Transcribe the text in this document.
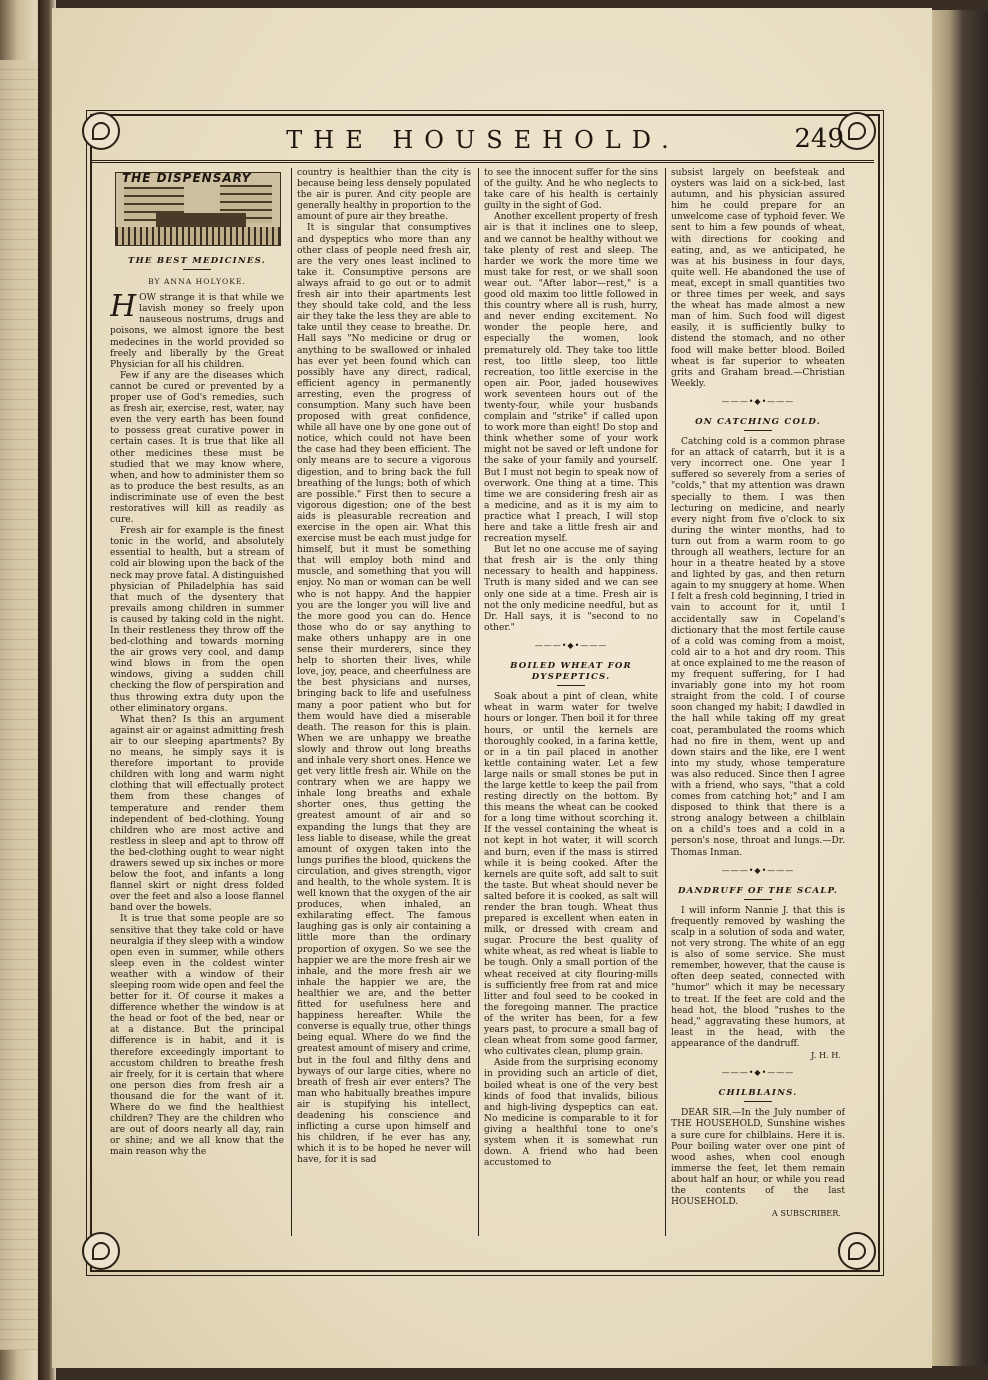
THE HOUSEHOLD.	249
THE DISPENSARY
THE BEST MEDICINES.
BY ANNA HOLYOKE.

HOW strange it is that while we lavish money so freely upon nauseous nostrums, drugs and poisons, we almost ignore the best medecines in the world provided so freely and liberally by the Great Physician for all his children.

Few if any are the diseases which cannot be cured or prevented by a proper use of God's remedies, such as fresh air, exercise, rest, water, nay even the very earth has been found to possess great curative power in certain cases. It is true that like all other medicines these must be studied that we may know where, when, and how to administer them so as to produce the best results, as an indiscriminate use of even the best restoratives will kill as readily as cure.

Fresh air for example is the finest tonic in the world, and absolutely essential to health, but a stream of cold air blowing upon the back of the neck may prove fatal. A distinguished physician of Philadelphia has said that much of the dysentery that prevails among children in summer is caused by taking cold in the night. In their restleness they throw off the bed-clothing and towards morning the air grows very cool, and damp wind blows in from the open windows, giving a sudden chill checking the flow of perspiration and thus throwing extra duty upon the other eliminatory organs.

What then? Is this an argument against air or against admitting fresh air to our sleeping apartments? By no means, he simply says it is therefore important to provide children with long and warm night clothing that will effectually protect them from these changes of temperature and render them independent of bed-clothing. Young children who are most active and restless in sleep and apt to throw off the bed-clothing ought to wear night drawers sewed up six inches or more below the foot, and infants a long flannel skirt or night dress folded over the feet and also a loose flannel band over the bowels.

It is true that some people are so sensitive that they take cold or have neuralgia if they sleep with a window open even in summer, while others sleep even in the coldest winter weather with a window of their sleeping room wide open and feel the better for it. Of course it makes a difference whether the window is at the head or foot of the bed, near or at a distance. But the principal difference is in habit, and it is therefore exceedingly important to accustom children to breathe fresh air freely, for it is certain that where one person dies from fresh air a thousand die for the want of it. Where do we find the healthiest children? They are the children who are out of doors nearly all day, rain or shine; and we all know that the main reason why the

country is healthier than the city is because being less densely populated the air is purer. And city people are generally healthy in proportion to the amount of pure air they breathe.

It is singular that consumptives and dyspeptics who more than any other class of people need fresh air, are the very ones least inclined to take it. Consumptive persons are always afraid to go out or to admit fresh air into their apartments lest they should take cold, and the less air they take the less they are able to take until they cease to breathe. Dr. Hall says "No medicine or drug or anything to be swallowed or inhaled has ever yet been found which can possibly have any direct, radical, efficient agency in permanently arresting, even the progress of consumption. Many such have been proposed with great confidence, while all have one by one gone out of notice, which could not have been the case had they been efficient. The only means are to secure a vigorous digestion, and to bring back the full breathing of the lungs; both of which are possible." First then to secure a vigorous digestion; one of the best aids is pleasurable recreation and exercise in the open air. What this exercise must be each must judge for himself, but it must be something that will employ both mind and muscle, and something that you will enjoy. No man or woman can be well who is not happy. And the happier you are the longer you will live and the more good you can do. Hence those who do or say anything to make others unhappy are in one sense their murderers, since they help to shorten their lives, while love, joy, peace, and cheerfulness are the best physicians and nurses, bringing back to life and usefulness many a poor patient who but for them would have died a miserable death. The reason for this is plain. When we are unhappy we breathe slowly and throw out long breaths and inhale very short ones. Hence we get very little fresh air. While on the contrary when we are happy we inhale long breaths and exhale shorter ones, thus getting the greatest amount of air and so expanding the lungs that they are less liable to disease, while the great amount of oxygen taken into the lungs purifies the blood, quickens the circulation, and gives strength, vigor and health, to the whole system. It is well known that the oxygen of the air produces, when inhaled, an exhilarating effect. The famous laughing gas is only air containing a little more than the ordinary proportion of oxygen. So we see the happier we are the more fresh air we inhale, and the more fresh air we inhale the happier we are, the healthier we are, and the better fitted for usefulness here and happiness hereafter. While the converse is equally true, other things being equal. Where do we find the greatest amount of misery and crime, but in the foul and filthy dens and byways of our large cities, where no breath of fresh air ever enters? The man who habitually breathes impure air is stupifying his intellect, deadening his conscience and inflicting a curse upon himself and his children, if he ever has any, which it is to be hoped he never will have, for it is sad

to see the innocent suffer for the sins of the guilty. And he who neglects to take care of his health is certainly guilty in the sight of God.

Another excellent property of fresh air is that it inclines one to sleep, and we cannot be healthy without we take plenty of rest and sleep. The harder we work the more time we must take for rest, or we shall soon wear out. "After labor—rest," is a good old maxim too little followed in this country where all is rush, hurry, and never ending excitement. No wonder the people here, and especially the women, look prematurely old. They take too little rest, too little sleep, too little recreation, too little exercise in the open air. Poor, jaded housewives work seventeen hours out of the twenty-four, while your husbands complain and "strike" if called upon to work more than eight! Do stop and think whether some of your work might not be saved or left undone for the sake of your family and yourself. But I must not begin to speak now of overwork. One thing at a time. This time we are considering fresh air as a medicine, and as it is my aim to practice what I preach, I will stop here and take a little fresh air and recreation myself.

But let no one accuse me of saying that fresh air is the only thing necessary to health and happiness. Truth is many sided and we can see only one side at a time. Fresh air is not the only medicine needful, but as Dr. Hall says, it is "second to no other."

———•◆•———
BOILED WHEAT FOR DYSPEPTICS.

Soak about a pint of clean, white wheat in warm water for twelve hours or longer. Then boil it for three hours, or until the kernels are thoroughly cooked, in a farina kettle, or in a tin pail placed in another kettle containing water. Let a few large nails or small stones be put in the large kettle to keep the pail from resting directly on the bottom. By this means the wheat can be cooked for a long time without scorching it. If the vessel containing the wheat is not kept in hot water, it will scorch and burn, even if the mass is stirred while it is being cooked. After the kernels are quite soft, add salt to suit the taste. But wheat should never be salted before it is cooked, as salt will render the bran tough. Wheat thus prepared is excellent when eaten in milk, or dressed with cream and sugar. Procure the best quality of white wheat, as red wheat is liable to be tough. Only a small portion of the wheat received at city flouring-mills is sufficiently free from rat and mice litter and foul seed to be cooked in the foregoing manner. The practice of the writer has been, for a few years past, to procure a small bag of clean wheat from some good farmer, who cultivates clean, plump grain.

Aside from the surprising economy in providing such an article of diet, boiled wheat is one of the very best kinds of food that invalids, bilious and high-living dyspeptics can eat. No medicine is comparable to it for giving a healthful tone to one's system when it is somewhat run down. A friend who had been accustomed to

subsist largely on beefsteak and oysters was laid on a sick-bed, last autumn, and his physician assured him he could prepare for an unwelcome case of typhoid fever. We sent to him a few pounds of wheat, with directions for cooking and eating, and, as we anticipated, he was at his business in four days, quite well. He abandoned the use of meat, except in small quantities two or three times per week, and says the wheat has made almost a new man of him. Such food will digest easily, it is sufficiently bulky to distend the stomach, and no other food will make better blood. Boiled wheat is far superior to wheaten grits and Graham bread.—Christian Weekly.

———•◆•———
ON CATCHING COLD.

Catching cold is a common phrase for an attack of catarrh, but it is a very incorrect one. One year I suffered so severely from a series of "colds," that my attention was drawn specially to them. I was then lecturing on medicine, and nearly every night from five o'clock to six during the winter months, had to turn out from a warm room to go through all weathers, lecture for an hour in a theatre heated by a stove and lighted by gas, and then return again to my snuggery at home. When I felt a fresh cold beginning, I tried in vain to account for it, until I accidentally saw in Copeland's dictionary that the most fertile cause of a cold was coming from a moist, cold air to a hot and dry room. This at once explained to me the reason of my frequent suffering, for I had invariably gone into my hot room straight from the cold. I of course soon changed my habit; I dawdled in the hall while taking off my great coat, perambulated the rooms which had no fire in them, went up and down stairs and the like, ere I went into my study, whose temperature was also reduced. Since then I agree with a friend, who says, "that a cold comes from catching hot;" and I am disposed to think that there is a strong analogy between a chilblain on a child's toes and a cold in a person's nose, throat and lungs.—Dr. Thomas Inman.

———•◆•———
DANDRUFF OF THE SCALP.

I will inform Nannie J. that this is frequently removed by washing the scalp in a solution of soda and water, not very strong. The white of an egg is also of some service. She must remember, however, that the cause is often deep seated, connected with "humor" which it may be necessary to treat. If the feet are cold and the head hot, the blood "rushes to the head," aggravating these humors, at least in the head, with the appearance of the dandruff.

J. H. H.

———•◆•———
CHILBLAINS.

DEAR SIR.—In the July number of THE HOUSEHOLD, Sunshine wishes a sure cure for chilblains. Here it is. Pour boiling water over one pint of wood ashes, when cool enough immerse the feet, let them remain about half an hour, or while you read the contents of the last HOUSEHOLD.

A SUBSCRIBER.
